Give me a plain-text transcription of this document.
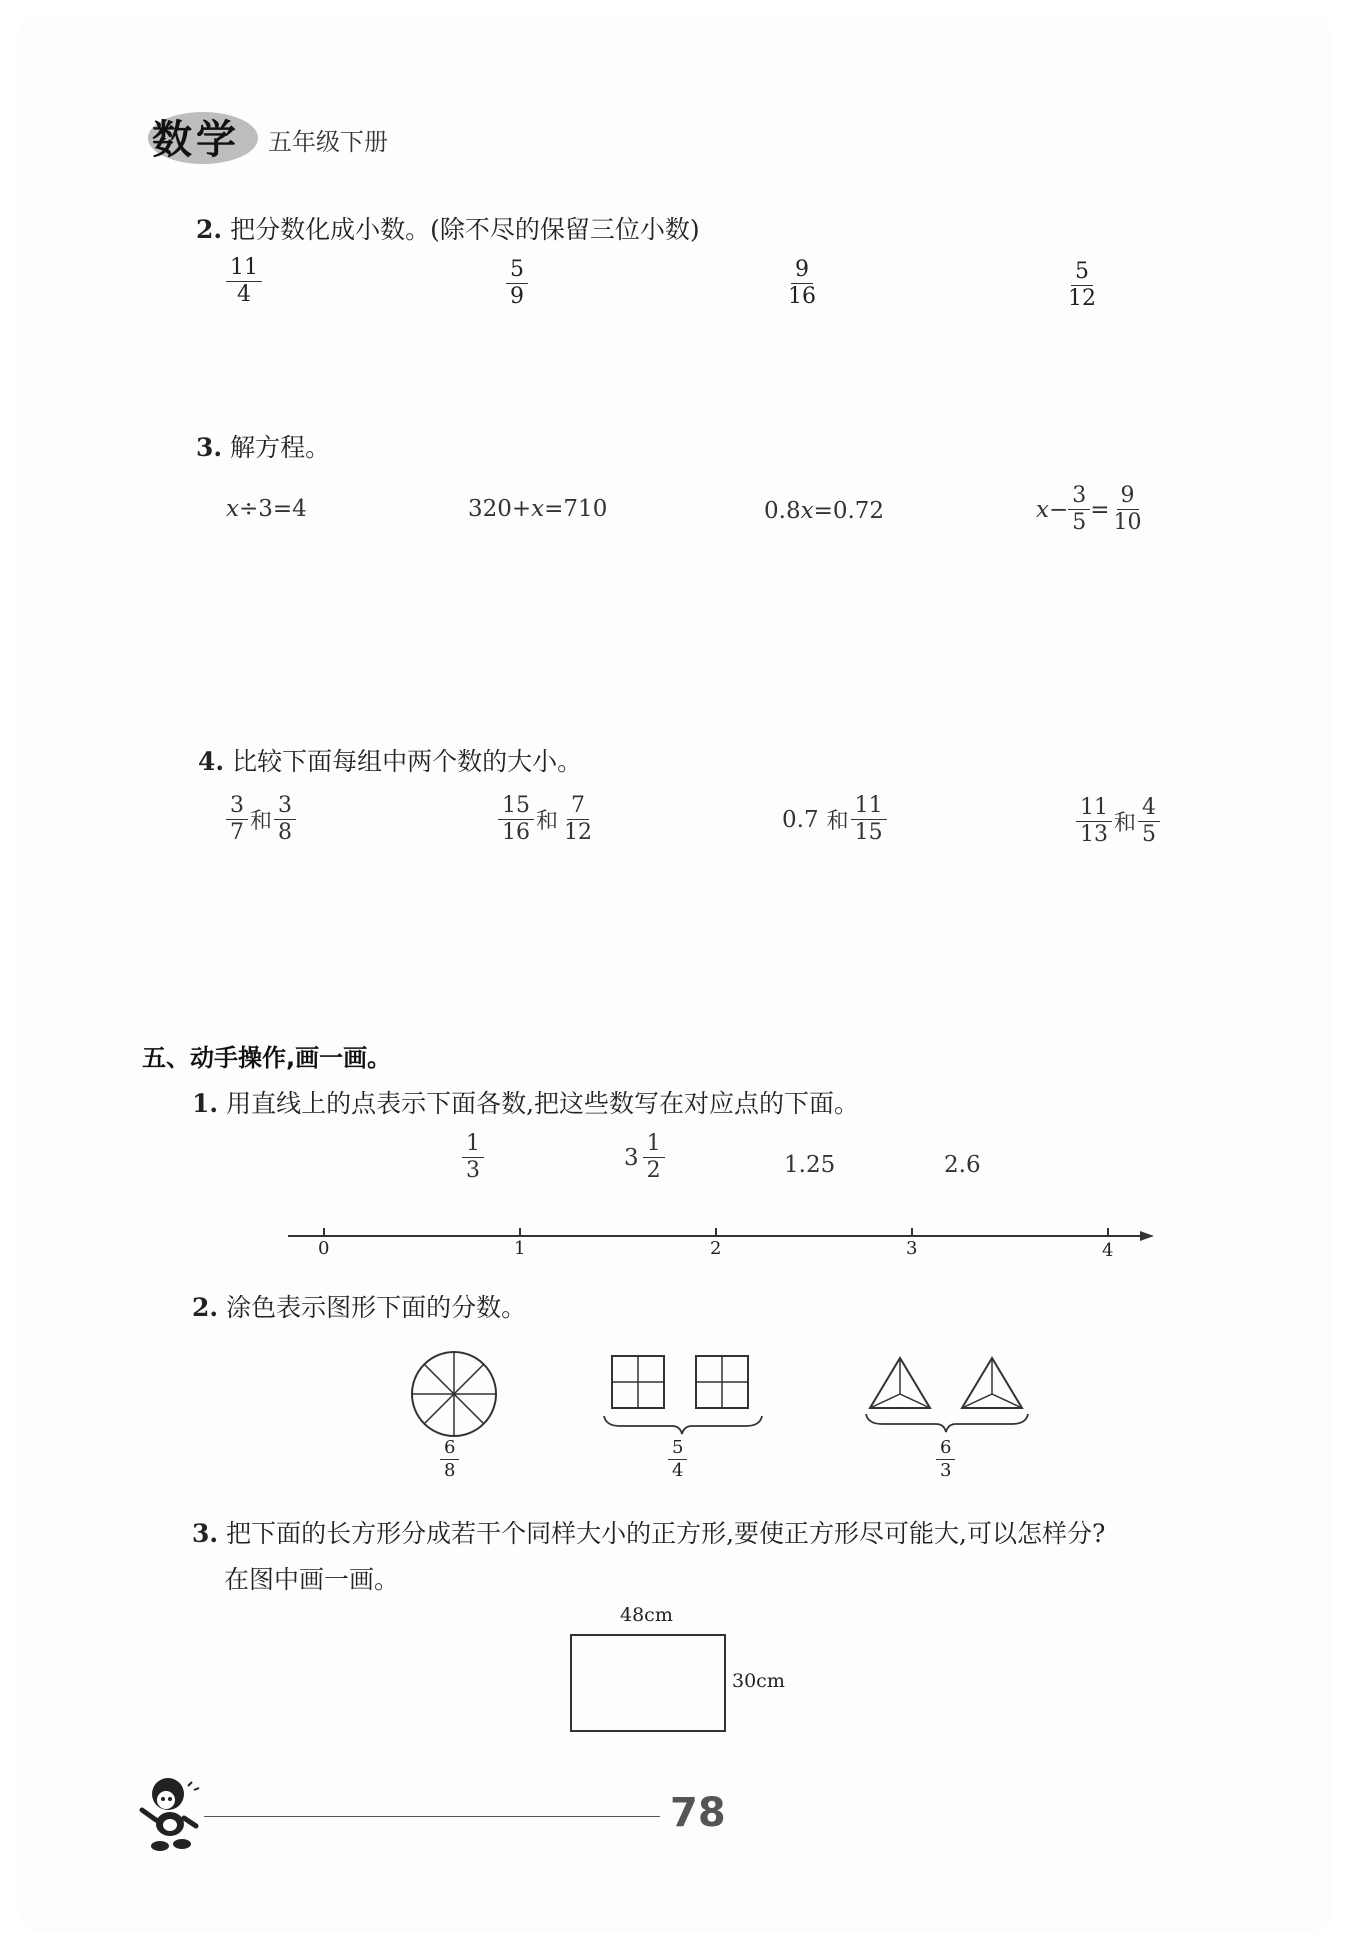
数学 五年级下册
2. 把分数化成小数。(除不尽的保留三位小数)
$\frac{11}{4}$	$\frac{5}{9}$	$\frac{9}{16}$	$\frac{5}{12}$
3. 解方程。
x ÷3=4	320+ x =710	0.8 x =0.72	$x - \frac{3}{5} = \frac{9}{10}$
4. 比较下面每组中两个数的大小。
$\frac{3}{7}$ 和 $\frac{3}{8}$	$\frac{15}{16}$ 和 $\frac{7}{12}$	0.7 和 $\frac{11}{15}$	$\frac{11}{13}$ 和 $\frac{4}{5}$
五、动手操作,画一画。
1. 用直线上的点表示下面各数,把这些数写在对应点的下面。
$\frac{1}{3}$	$3 \frac{1}{2}$	1.25	2.6
0	1	2	3	4
2. 涂色表示图形下面的分数。
$\frac{6}{8}$	$\frac{5}{4}$	$\frac{6}{3}$
3. 把下面的长方形分成若干个同样大小的正方形,要使正方形尽可能大,可以怎样分?
在图中画一画。
48cm
30cm
78
